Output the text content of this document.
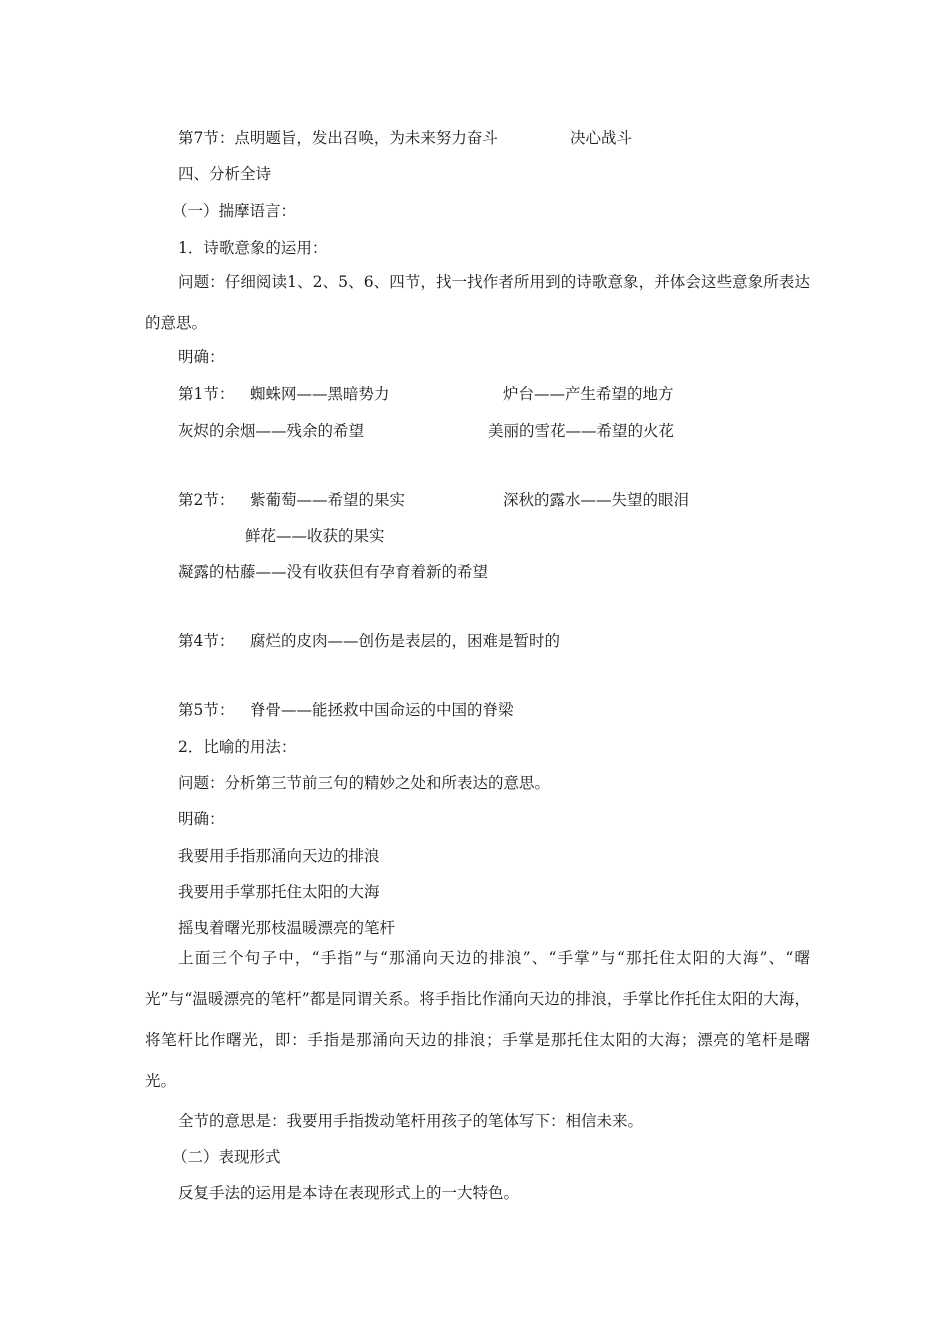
第7节：点明题旨，发出召唤，为未来努力奋斗	决心战斗
四、分析全诗
（一）揣摩语言：
1．诗歌意象的运用：
问题：仔细阅读1、2、5、6、四节，找一找作者所用到的诗歌意象，并体会这些意象所表达的意思。
明确：
第1节： 蜘蛛网——黑暗势力	炉台——产生希望的地方
灰烬的余烟——残余的希望	美丽的雪花——希望的火花
第2节： 紫葡萄——希望的果实	深秋的露水——失望的眼泪
鲜花——收获的果实
凝露的枯藤——没有收获但有孕育着新的希望
第4节： 腐烂的皮肉——创伤是表层的，困难是暂时的
第5节： 脊骨——能拯救中国命运的中国的脊梁
2．比喻的用法：
问题：分析第三节前三句的精妙之处和所表达的意思。
明确：
我要用手指那涌向天边的排浪
我要用手掌那托住太阳的大海
摇曳着曙光那枝温暖漂亮的笔杆
上面三个句子中，“手指”与“那涌向天边的排浪”、“手掌”与“那托住太阳的大海”、“曙光”与“温暖漂亮的笔杆”都是同谓关系。将手指比作涌向天边的排浪，手掌比作托住太阳的大海，将笔杆比作曙光，即：手指是那涌向天边的排浪；手掌是那托住太阳的大海；漂亮的笔杆是曙光。
全节的意思是：我要用手指拨动笔杆用孩子的笔体写下：相信未来。
（二）表现形式
反复手法的运用是本诗在表现形式上的一大特色。
